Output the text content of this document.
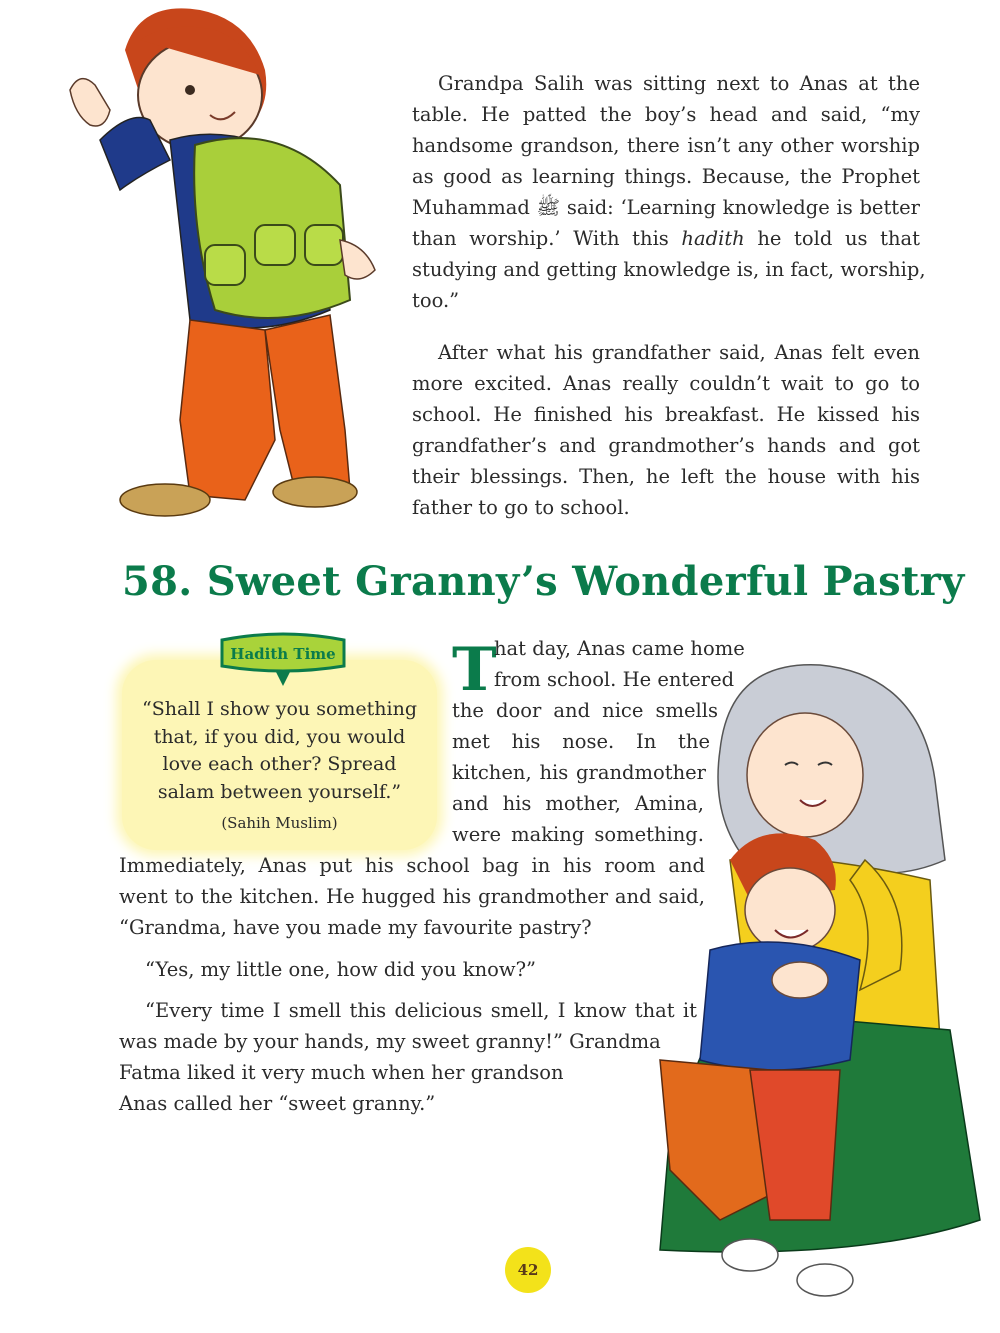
Grandpa Salih was sitting next to Anas at the
table. He patted the boy’s head and said, “my
handsome grandson, there isn’t any other worship
as good as learning things. Because, the Prophet
Muhammad ﷺ said: ‘Learning knowledge is better
than worship.’ With this hadith he told us that
studying and getting knowledge is, in fact, worship,
too.”
After what his grandfather said, Anas felt even
more excited. Anas really couldn’t wait to go to
school. He finished his breakfast. He kissed his
grandfather’s and grandmother’s hands and got
their blessings. Then, he left the house with his
father to go to school.
58. Sweet Granny’s Wonderful Pastry
Hadith Time
“Shall I show you something
that, if you did, you would
love each other? Spread
salam between yourself.”
(Sahih Muslim)
T
hat day, Anas came home
from school. He entered
the door and nice smells
met his nose. In the
kitchen, his grandmother
and his mother, Amina,
were making something.
Immediately, Anas put his school bag in his room and
went to the kitchen. He hugged his grandmother and said,
“Grandma, have you made my favourite pastry?
“Yes, my little one, how did you know?”
“Every time I smell this delicious smell, I know that it
was made by your hands, my sweet granny!” Grandma
Fatma liked it very much when her grandson
Anas called her “sweet granny.”
42
